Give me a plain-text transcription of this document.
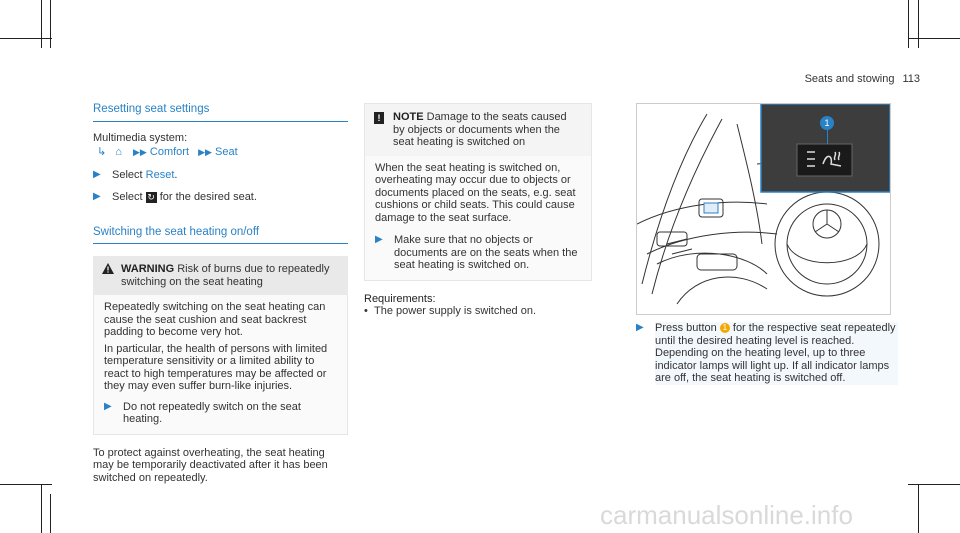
Seats and stowing 113
Resetting seat settings

Multimedia system:

↳ ⌂ ▶▶ Comfort ▶▶ Seat
▶ Select Reset.
▶ Select ↻ for the desired seat.
Switching the seat heating on/off
WARNING Risk of burns due to repeatedly switching on the seat heating

Repeatedly switching on the seat heating can cause the seat cushion and seat backrest padding to become very hot.

In particular, the health of persons with limited temperature sensitivity or a limited ability to react to high temperatures may be affected or they may even suffer burn-like injuries.

▶ Do not repeatedly switch on the seat heating.

To protect against overheating, the seat heating may be temporarily deactivated after it has been switched on repeatedly.

!	NOTE Damage to the seats caused by objects or documents when the seat heating is switched on

When the seat heating is switched on, overheating may occur due to objects or documents placed on the seats, e.g. seat cushions or child seats. This could cause damage to the seat surface.

▶ Make sure that no objects or documents are on the seats when the seat heating is switched on.
Requirements:
• The power supply is switched on.
1
▶ Press button 1 for the respective seat repeatedly until the desired heating level is reached.

Depending on the heating level, up to three indicator lamps will light up. If all indicator lamps are off, the seat heating is switched off.

carmanualsonline.info
